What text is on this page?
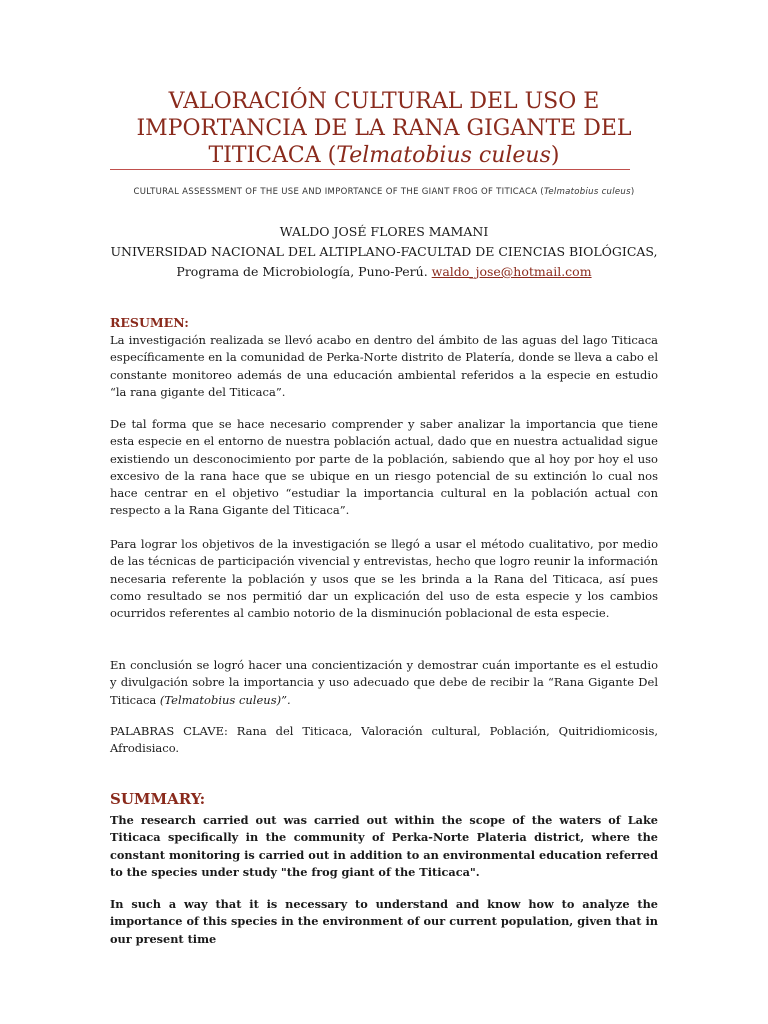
VALORACIÓN CULTURAL DEL USO E IMPORTANCIA DE LA RANA GIGANTE DEL TITICACA (Telmatobius culeus)
CULTURAL ASSESSMENT OF THE USE AND IMPORTANCE OF THE GIANT FROG OF TITICACA (Telmatobius culeus)
WALDO JOSÉ FLORES MAMANI
UNIVERSIDAD NACIONAL DEL ALTIPLANO-FACULTAD DE CIENCIAS BIOLÓGICAS,
Programa de Microbiología, Puno-Perú. waldo_jose@hotmail.com

RESUMEN:

La investigación realizada se llevó acabo en dentro del ámbito de las aguas del lago Titicaca específicamente en la comunidad de Perka-Norte distrito de Platería, donde se lleva a cabo el constante monitoreo además de una educación ambiental referidos a la especie en estudio “la rana gigante del Titicaca”.

De tal forma que se hace necesario comprender y saber analizar la importancia que tiene esta especie en el entorno de nuestra población actual, dado que en nuestra actualidad sigue existiendo un desconocimiento por parte de la población, sabiendo que al hoy por hoy el uso excesivo de la rana hace que se ubique en un riesgo potencial de su extinción lo cual nos hace centrar en el objetivo “estudiar la importancia cultural en la población actual con respecto a la Rana Gigante del Titicaca”.

Para lograr los objetivos de la investigación se llegó a usar el método cualitativo, por medio de las técnicas de participación vivencial y entrevistas, hecho que logro reunir la información necesaria referente la población y usos que se les brinda a la Rana del Titicaca, así pues como resultado se nos permitió dar un explicación del uso de esta especie y los cambios ocurridos referentes al cambio notorio de la disminución poblacional de esta especie.

En conclusión se logró hacer una concientización y demostrar cuán importante es el estudio y divulgación sobre la importancia y uso adecuado que debe de recibir la “Rana Gigante Del Titicaca (Telmatobius culeus)”.

PALABRAS CLAVE: Rana del Titicaca, Valoración cultural, Población, Quitridiomicosis, Afrodisiaco.

SUMMARY:

The research carried out was carried out within the scope of the waters of Lake Titicaca specifically in the community of Perka-Norte Plateria district, where the constant monitoring is carried out in addition to an environmental education referred to the species under study "the frog giant of the Titicaca".

In such a way that it is necessary to understand and know how to analyze the importance of this species in the environment of our current population, given that in our present time
